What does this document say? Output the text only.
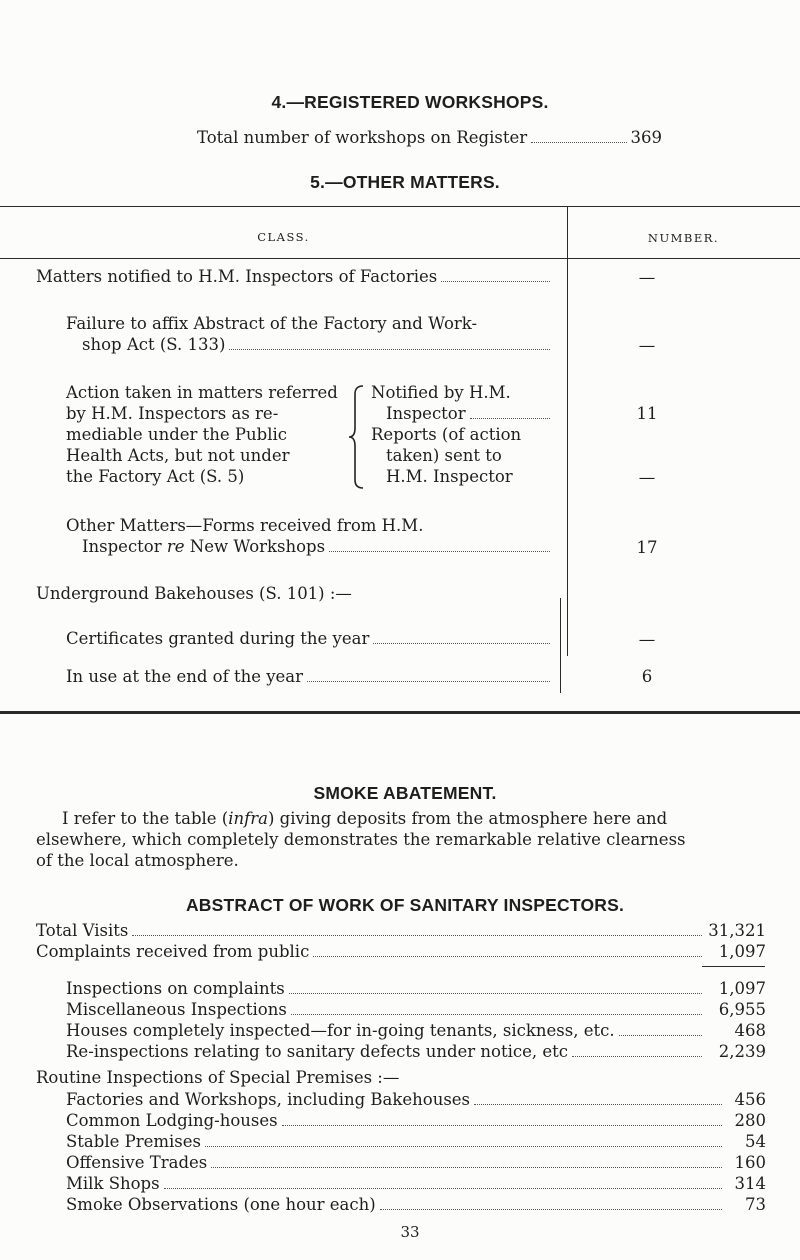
4.—REGISTERED WORKSHOPS.
Total number of workshops on Register	369
5.—OTHER MATTERS.
CLASS.	NUMBER.
Matters notified to H.M. Inspectors of Factories	—
Failure to affix Abstract of the Factory and Work-
shop Act (S. 133)	—
Action taken in matters referred
by H.M. Inspectors as re-
mediable under the Public
Health Acts, but not under
the Factory Act (S. 5)
Notified by H.M.
Inspector	11
Reports (of action
taken) sent to
H.M. Inspector	—
Other Matters—Forms received from H.M.
Inspector re New Workshops	17
Underground Bakehouses (S. 101) :—
Certificates granted during the year	—
In use at the end of the year	6
SMOKE ABATEMENT.
I refer to the table (infra) giving deposits from the atmosphere here and
elsewhere, which completely demonstrates the remarkable relative clearness
of the local atmosphere.
ABSTRACT OF WORK OF SANITARY INSPECTORS.
Total Visits	31,321
Complaints received from public	1,097
Inspections on complaints	1,097
Miscellaneous Inspections	6,955
Houses completely inspected—for in-going tenants, sickness, etc.	468
Re-inspections relating to sanitary defects under notice, etc	2,239
Routine Inspections of Special Premises :—
Factories and Workshops, including Bakehouses	456
Common Lodging-houses	280
Stable Premises	54
Offensive Trades	160
Milk Shops	314
Smoke Observations (one hour each)	73
33
